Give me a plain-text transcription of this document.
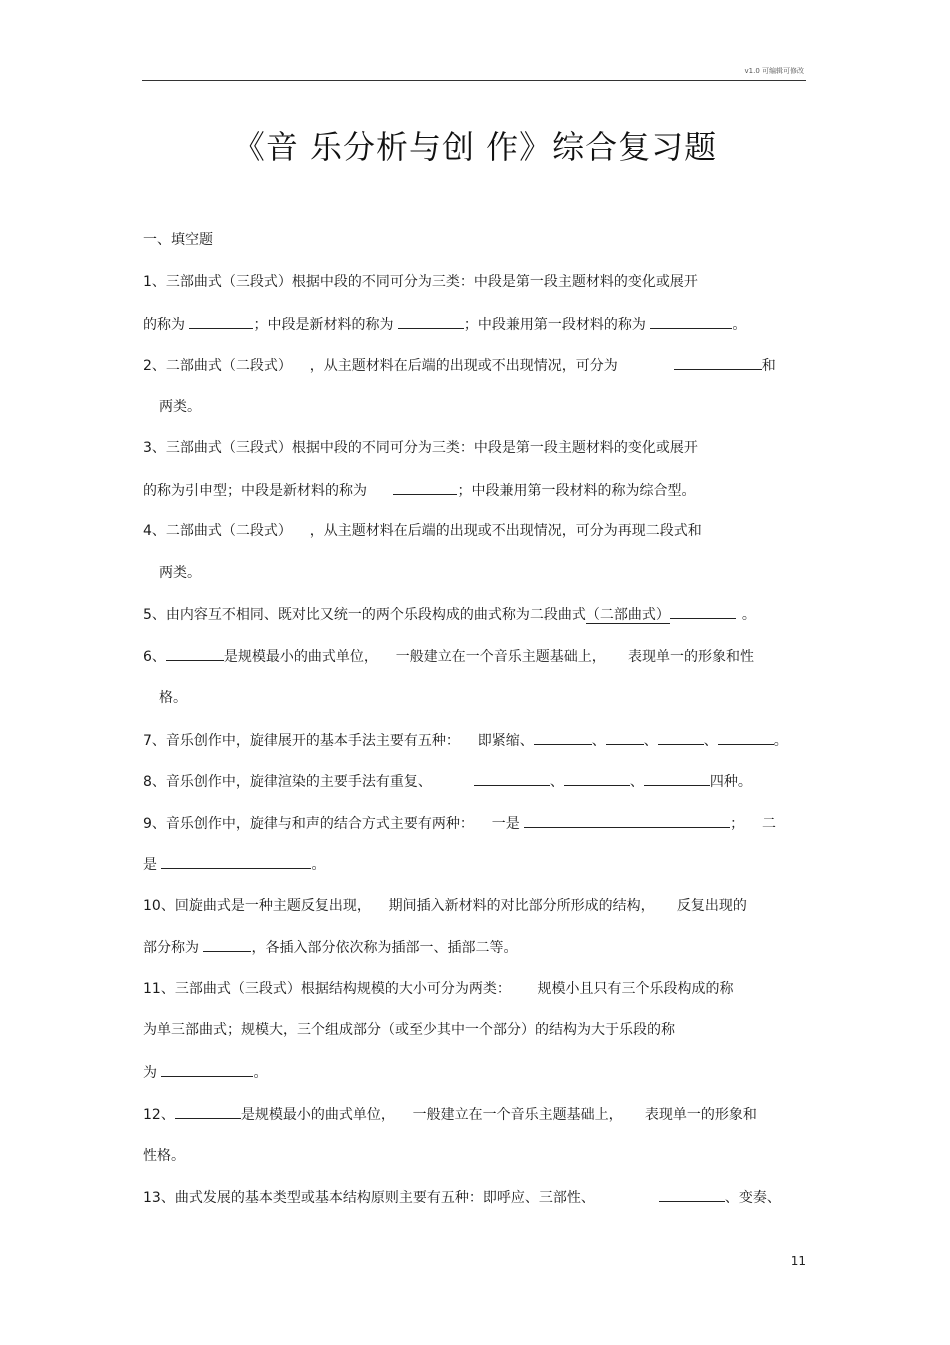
v1.0 可编辑可修改
《音 乐分析与创 作》综合复习题
一、填空题
1、三部曲式（三段式）根据中段的不同可分为三类：中段是第一段主题材料的变化或展开
的称为	；中段是新材料的称为	；中段兼用第一段材料的称为	。
2、二部曲式（二段式）    ，从主题材料在后端的出现或不出现情况，可分为	和
两类。
3、三部曲式（三段式）根据中段的不同可分为三类：中段是第一段主题材料的变化或展开
的称为引申型；中段是新材料的称为	；中段兼用第一段材料的称为综合型。
4、二部曲式（二段式）    ，从主题材料在后端的出现或不出现情况，可分为再现二段式和
两类。
5、由内容互不相同、既对比又统一的两个乐段构成的曲式称为二段曲式（二部曲式）	。
6、	是规模最小的曲式单位，    一般建立在一个音乐主题基础上，     表现单一的形象和性
格。
7、音乐创作中，旋律展开的基本手法主要有五种：    即紧缩、	、	、	、	。
8、音乐创作中，旋律渲染的主要手法有重复、	、	、	四种。
9、音乐创作中，旋律与和声的结合方式主要有两种：    一是	；    二
是	。
10、回旋曲式是一种主题反复出现，    期间插入新材料的对比部分所形成的结构，     反复出现的
部分称为	，各插入部分依次称为插部一、插部二等。
11、三部曲式（三段式）根据结构规模的大小可分为两类：      规模小且只有三个乐段构成的称
为单三部曲式；规模大，三个组成部分（或至少其中一个部分）的结构为大于乐段的称
为	。
12、	是规模最小的曲式单位，    一般建立在一个音乐主题基础上，     表现单一的形象和
性格。
13、曲式发展的基本类型或基本结构原则主要有五种：即呼应、三部性、	、变奏、
11
